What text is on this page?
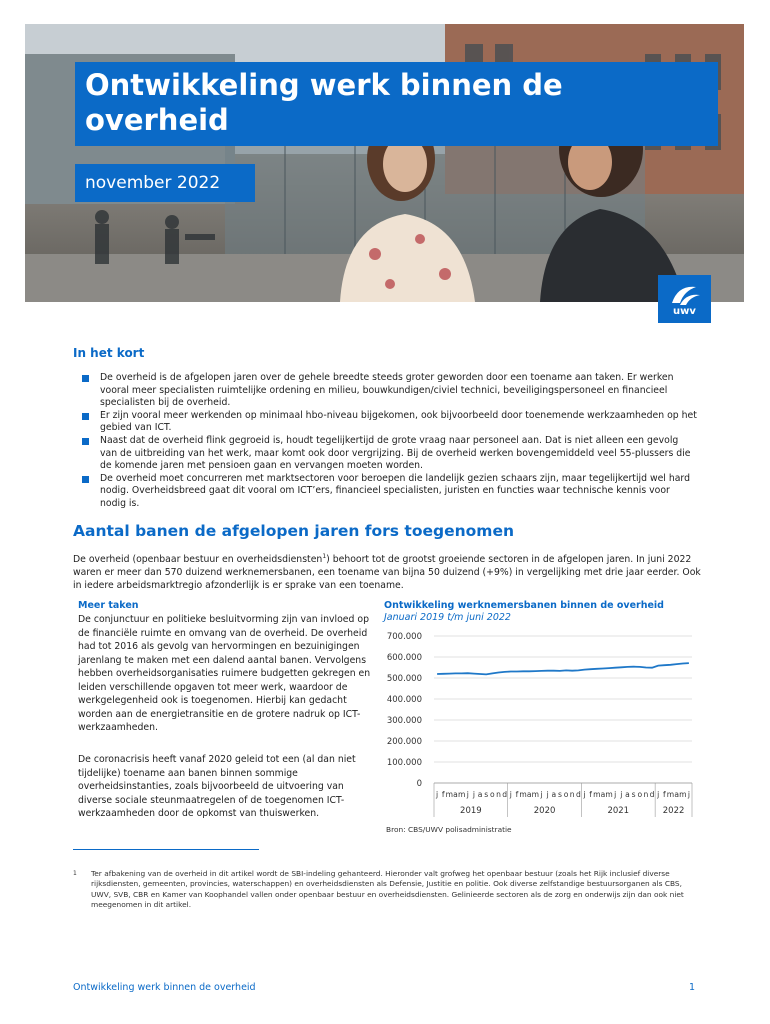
Ontwikkeling werk binnen de overheid
november 2022
uwv
In het kort
De overheid is de afgelopen jaren over de gehele breedte steeds groter geworden door een toename aan taken. Er werken vooral meer specialisten ruimtelijke ordening en milieu, bouwkundigen/civiel technici, beveiligingspersoneel en financieel specialisten bij de overheid.
Er zijn vooral meer werkenden op minimaal hbo-niveau bijgekomen, ook bijvoorbeeld door toenemende werkzaamheden op het gebied van ICT.
Naast dat de overheid flink gegroeid is, houdt tegelijkertijd de grote vraag naar personeel aan. Dat is niet alleen een gevolg van de uitbreiding van het werk, maar komt ook door vergrijzing. Bij de overheid werken bovengemiddeld veel 55-plussers die de komende jaren met pensioen gaan en vervangen moeten worden.
De overheid moet concurreren met marktsectoren voor beroepen die landelijk gezien schaars zijn, maar tegelijkertijd wel hard nodig. Overheidsbreed gaat dit vooral om ICT’ers, financieel specialisten, juristen en functies waar technische kennis voor nodig is.
Aantal banen de afgelopen jaren fors toegenomen
De overheid (openbaar bestuur en overheidsdiensten$^1$) behoort tot de grootst groeiende sectoren in de afgelopen jaren. In juni 2022 waren er meer dan 570 duizend werknemersbanen, een toename van bijna 50 duizend (+9%) in vergelijking met drie jaar eerder. Ook in iedere arbeidsmarktregio afzonderlijk is er sprake van een toename.
Meer taken
De conjunctuur en politieke besluitvorming zijn van invloed op de financiële ruimte en omvang van de overheid. De overheid had tot 2016 als gevolg van hervormingen en bezuinigingen jarenlang te maken met een dalend aantal banen. Vervolgens hebben overheidsorganisaties ruimere budgetten gekregen en leiden verschillende opgaven tot meer werk, waardoor de werkgelegenheid ook is toegenomen. Hierbij kan gedacht worden aan de energietransitie en de grotere nadruk op ICT-werkzaamheden.
De coronacrisis heeft vanaf 2020 geleid tot een (al dan niet tijdelijke) toename aan banen binnen sommige overheidsinstanties, zoals bijvoorbeeld de uitvoering van diverse sociale steunmaatregelen of de toegenomen ICT-werkzaamheden door de opkomst van thuiswerken.
Ontwikkeling werknemersbanen binnen de overheid
Januari 2019 t/m juni 2022
0
100.000
200.000
300.000
400.000
500.000
600.000
700.000
j f m a m j j a s o n d j f m a m j j a s o n d j f m a m j j a s o n d j f m a m j
2019	2020	2021	2022
Bron: CBS/UWV polisadministratie
1	Ter afbakening van de overheid in dit artikel wordt de SBI-indeling gehanteerd. Hieronder valt grofweg het openbaar bestuur (zoals het Rijk inclusief diverse rijksdiensten, gemeenten, provincies, waterschappen) en overheidsdiensten als Defensie, Justitie en politie. Ook diverse zelfstandige bestuursorganen als CBS, UWV, SVB, CBR en Kamer van Koophandel vallen onder openbaar bestuur en overheidsdiensten. Gelinieerde sectoren als de zorg en onderwijs zijn dan ook niet meegenomen in dit artikel.
Ontwikkeling werk binnen de overheid	1
